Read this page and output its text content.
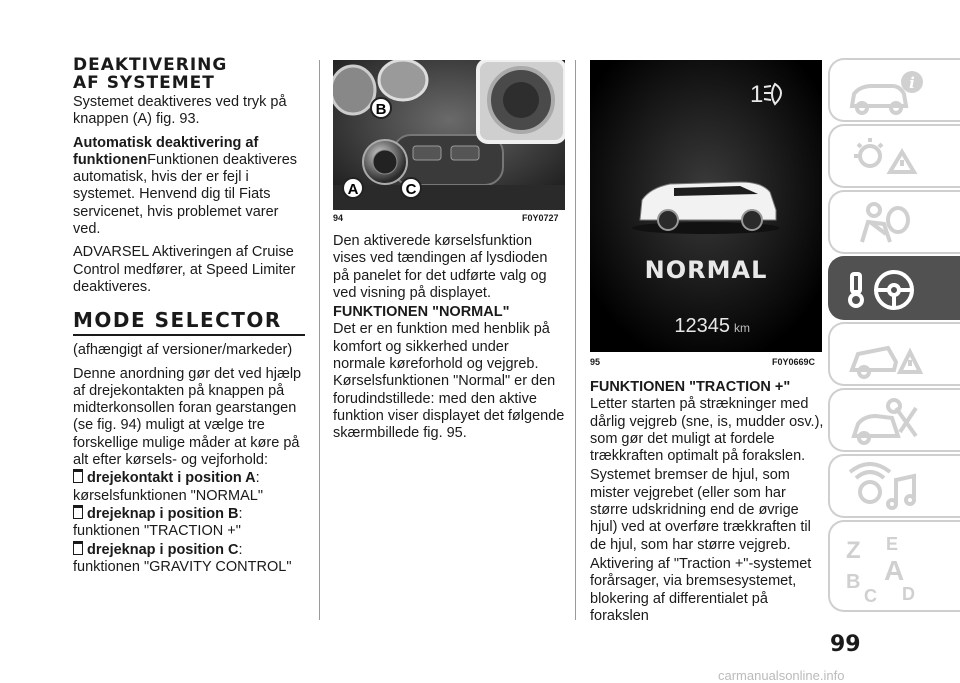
DEAKTIVERING AF SYSTEMET

Systemet deaktiveres ved tryk på knappen (A) fig. 93.

Automatisk deaktivering af funktionenFunktionen deaktiveres automatisk, hvis der er fejl i systemet. Henvend dig til Fiats servicenet, hvis problemet varer ved.

ADVARSEL Aktiveringen af Cruise Control medfører, at Speed Limiter deaktiveres.

MODE SELECTOR

(afhængigt af versioner/markeder)

Denne anordning gør det ved hjælp af drejekontakten på knappen på midterkonsollen foran gearstangen (se fig. 94) muligt at vælge tre forskellige mulige måder at køre på alt efter kørsels- og vejforhold:

drejekontakt i position A: kørselsfunktionen "NORMAL"
drejeknap i position B: funktionen "TRACTION +"
drejeknap i position C: funktionen "GRAVITY CONTROL"
B
A	C
94	F0Y0727

Den aktiverede kørselsfunktion vises ved tændingen af lysdioden på panelet for det udførte valg og ved visning på displayet.

FUNKTIONEN "NORMAL"

Det er en funktion med henblik på komfort og sikkerhed under normale køreforhold og vejgreb. Kørselsfunktionen "Normal" er den forudindstillede: med den aktive funktion viser displayet det følgende skærmbillede fig. 95.

1
NORMAL
12345 km
95	F0Y0669C

FUNKTIONEN "TRACTION +"

Letter starten på strækninger med dårlig vejgreb (sne, is, mudder osv.), som gør det muligt at fordele trækkraften optimalt på forakslen.

Systemet bremser de hjul, som mister vejgrebet (eller som har større udskridning end de øvrige hjul) ved at overføre trækkraften til de hjul, som har større vejgreb.

Aktivering af "Traction +"-systemet forårsager, via bremsesystemet, blokering af differentialet på forakslen

i
Z E
A
B
C D
99
carmanualsonline.info
